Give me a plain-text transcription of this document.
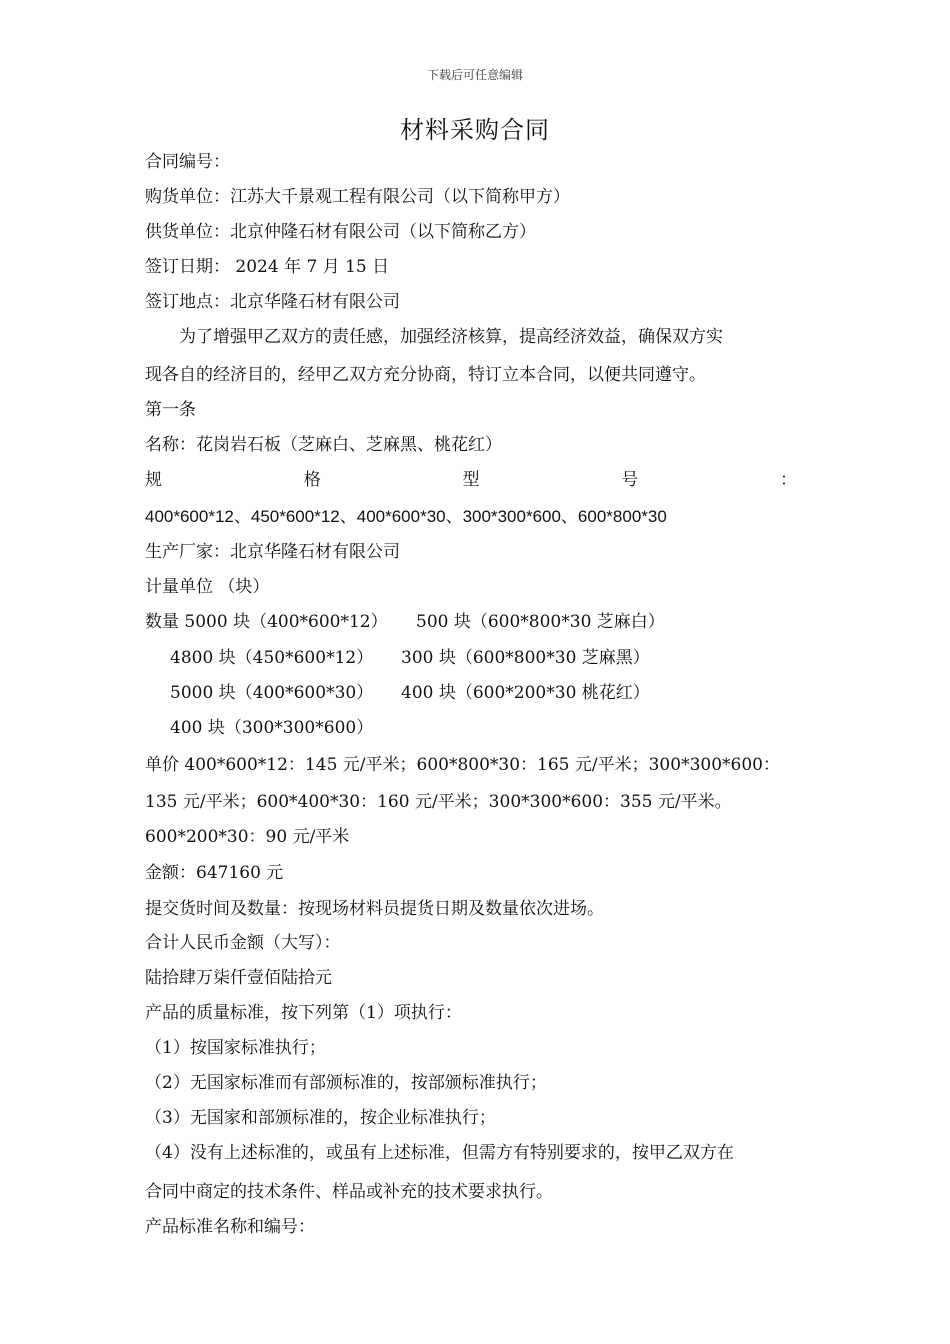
下载后可任意编辑
材料采购合同
合同编号：
购货单位：江苏大千景观工程有限公司（以下简称甲方）
供货单位：北京仲隆石材有限公司（以下简称乙方）
签订日期： 2024 年 7 月 15 日
签订地点：北京华隆石材有限公司
为了增强甲乙双方的责任感，加强经济核算，提高经济效益，确保双方实
现各自的经济目的，经甲乙双方充分协商，特订立本合同，以便共同遵守。
第一条
名称：花岗岩石板（芝麻白、芝麻黑、桃花红）
规	格	型	号	：
400*600*12、450*600*12、400*600*30、300*300*600、600*800*30
生产厂家：北京华隆石材有限公司
计量单位 （块）
数量 5000 块（400*600*12） 500 块（600*800*30 芝麻白）
4800 块（450*600*12） 300 块（600*800*30 芝麻黑）
5000 块（400*600*30） 400 块（600*200*30 桃花红）
400 块（300*300*600）
单价 400*600*12：145 元/平米；600*800*30：165 元/平米；300*300*600：
135 元/平米；600*400*30：160 元/平米；300*300*600：355 元/平米。
600*200*30：90 元/平米
金额：647160 元
提交货时间及数量：按现场材料员提货日期及数量依次进场。
合计人民币金额（大写）：
陆拾肆万柒仟壹佰陆拾元
产品的质量标准，按下列第（1）项执行：
（1）按国家标准执行；
（2）无国家标准而有部颁标准的，按部颁标准执行；
（3）无国家和部颁标准的，按企业标准执行；
（4）没有上述标准的，或虽有上述标准，但需方有特别要求的，按甲乙双方在
合同中商定的技术条件、样品或补充的技术要求执行。
产品标准名称和编号：
